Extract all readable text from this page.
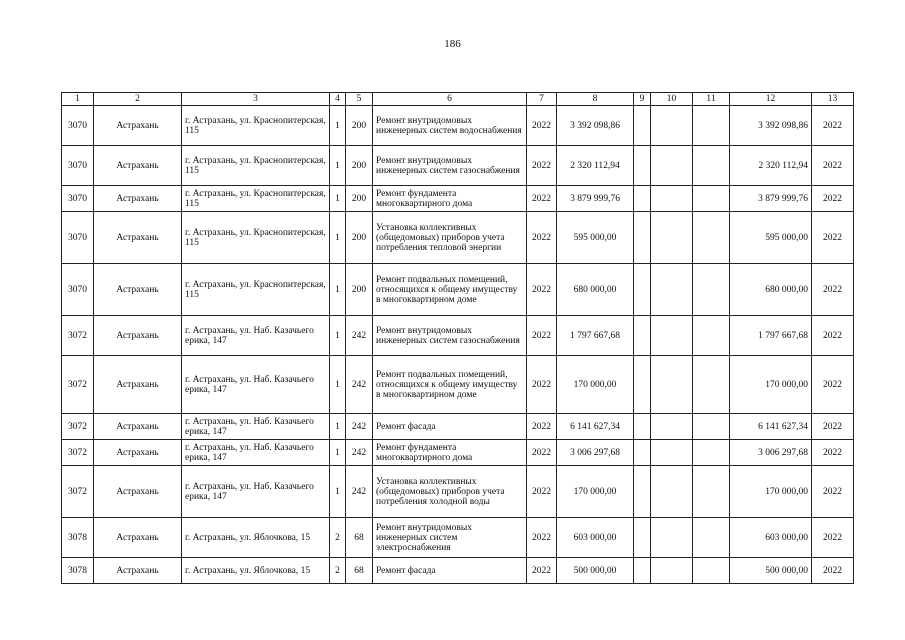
186
1	2	3	4	5	6	7	8	9	10	11	12	13
3070	Астрахань	г. Астрахань, ул. Краснопитерская, 115	1	200	Ремонт внутридомовых инженерных систем водоснабжения	2022	3 392 098,86				3 392 098,86	2022
3070	Астрахань	г. Астрахань, ул. Краснопитерская, 115	1	200	Ремонт внутридомовых инженерных систем газоснабжения	2022	2 320 112,94				2 320 112,94	2022
3070	Астрахань	г. Астрахань, ул. Краснопитерская, 115	1	200	Ремонт фундамента многоквартирного дома	2022	3 879 999,76				3 879 999,76	2022
3070	Астрахань	г. Астрахань, ул. Краснопитерская, 115	1	200	Установка коллективных (общедомовых) приборов учета потребления тепловой энергии	2022	595 000,00				595 000,00	2022
3070	Астрахань	г. Астрахань, ул. Краснопитерская, 115	1	200	Ремонт подвальных помещений, относящихся к общему имуществу в многоквартирном доме	2022	680 000,00				680 000,00	2022
3072	Астрахань	г. Астрахань, ул. Наб. Казачьего ерика, 147	1	242	Ремонт внутридомовых инженерных систем газоснабжения	2022	1 797 667,68				1 797 667,68	2022
3072	Астрахань	г. Астрахань, ул. Наб. Казачьего ерика, 147	1	242	Ремонт подвальных помещений, относящихся к общему имуществу в многоквартирном доме	2022	170 000,00				170 000,00	2022
3072	Астрахань	г. Астрахань, ул. Наб. Казачьего ерика, 147	1	242	Ремонт фасада	2022	6 141 627,34				6 141 627,34	2022
3072	Астрахань	г. Астрахань, ул. Наб. Казачьего ерика, 147	1	242	Ремонт фундамента многоквартирного дома	2022	3 006 297,68				3 006 297,68	2022
3072	Астрахань	г. Астрахань, ул. Наб. Казачьего ерика, 147	1	242	Установка коллективных (общедомовых) приборов учета потребления холодной воды	2022	170 000,00				170 000,00	2022
3078	Астрахань	г. Астрахань, ул. Яблочкова, 15	2	68	Ремонт внутридомовых инженерных систем электроснабжения	2022	603 000,00				603 000,00	2022
3078	Астрахань	г. Астрахань, ул. Яблочкова, 15	2	68	Ремонт фасада	2022	500 000,00				500 000,00	2022
